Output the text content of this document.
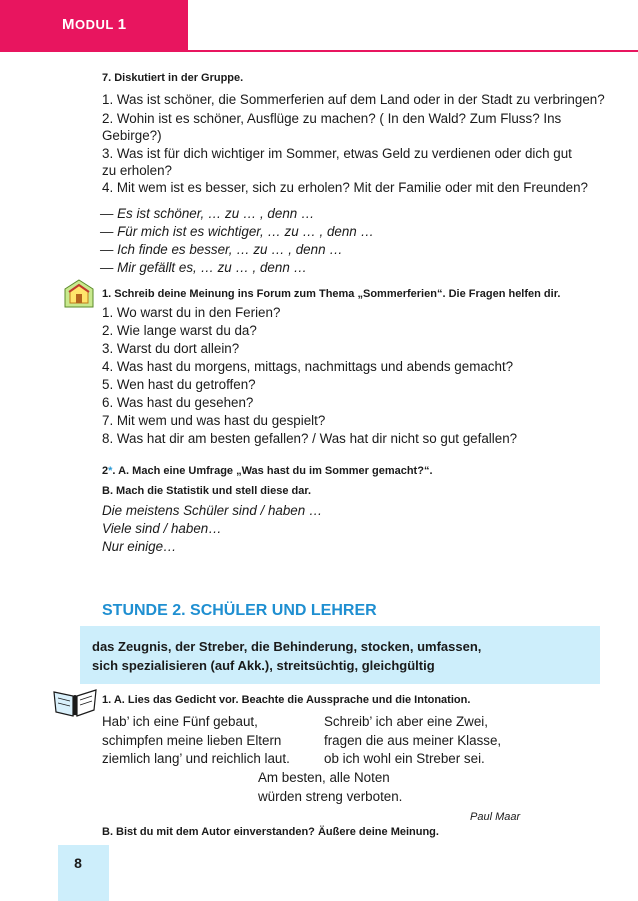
MODUL 1
7. Diskutiert in der Gruppe.
1. Was ist schöner, die Sommerferien auf dem Land oder in der Stadt zu verbringen?
2. Wohin ist es schöner, Ausflüge zu machen? ( In den Wald? Zum Fluss? Ins
Gebirge?)
3. Was ist für dich wichtiger im Sommer, etwas Geld zu verdienen oder dich gut
zu erholen?
4. Mit wem ist es besser, sich zu erholen? Mit der Familie oder mit den Freunden?
— Es ist schöner, … zu … , denn …
— Für mich ist es wichtiger, … zu … , denn …
— Ich finde es besser, … zu … , denn …
— Mir gefällt es, … zu … , denn …
1. Schreib deine Meinung ins Forum zum Thema „Sommerferien“. Die Fragen helfen dir.
1. Wo warst du in den Ferien?
2. Wie lange warst du da?
3. Warst du dort allein?
4. Was hast du morgens, mittags, nachmittags und abends gemacht?
5. Wen hast du getroffen?
6. Was hast du gesehen?
7. Mit wem und was hast du gespielt?
8. Was hat dir am besten gefallen? / Was hat dir nicht so gut gefallen?
2*. A. Mach eine Umfrage „Was hast du im Sommer gemacht?“.
B. Mach die Statistik und stell diese dar.
Die meistens Schüler sind / haben …
Viele sind / haben…
Nur einige…
STUNDE 2. SCHÜLER UND LEHRER
das Zeugnis, der Streber, die Behinderung, stocken, umfassen,
sich spezialisieren (auf Akk.), streitsüchtig, gleichgültig
1. A. Lies das Gedicht vor. Beachte die Aussprache und die Intonation.
Hab’ ich eine Fünf gebaut,
schimpfen meine lieben Eltern
ziemlich lang’ und reichlich laut.
Schreib’ ich aber eine Zwei,
fragen die aus meiner Klasse,
ob ich wohl ein Streber sei.
Am besten, alle Noten
würden streng verboten.
Paul Maar
B. Bist du mit dem Autor einverstanden? Äußere deine Meinung.
8
